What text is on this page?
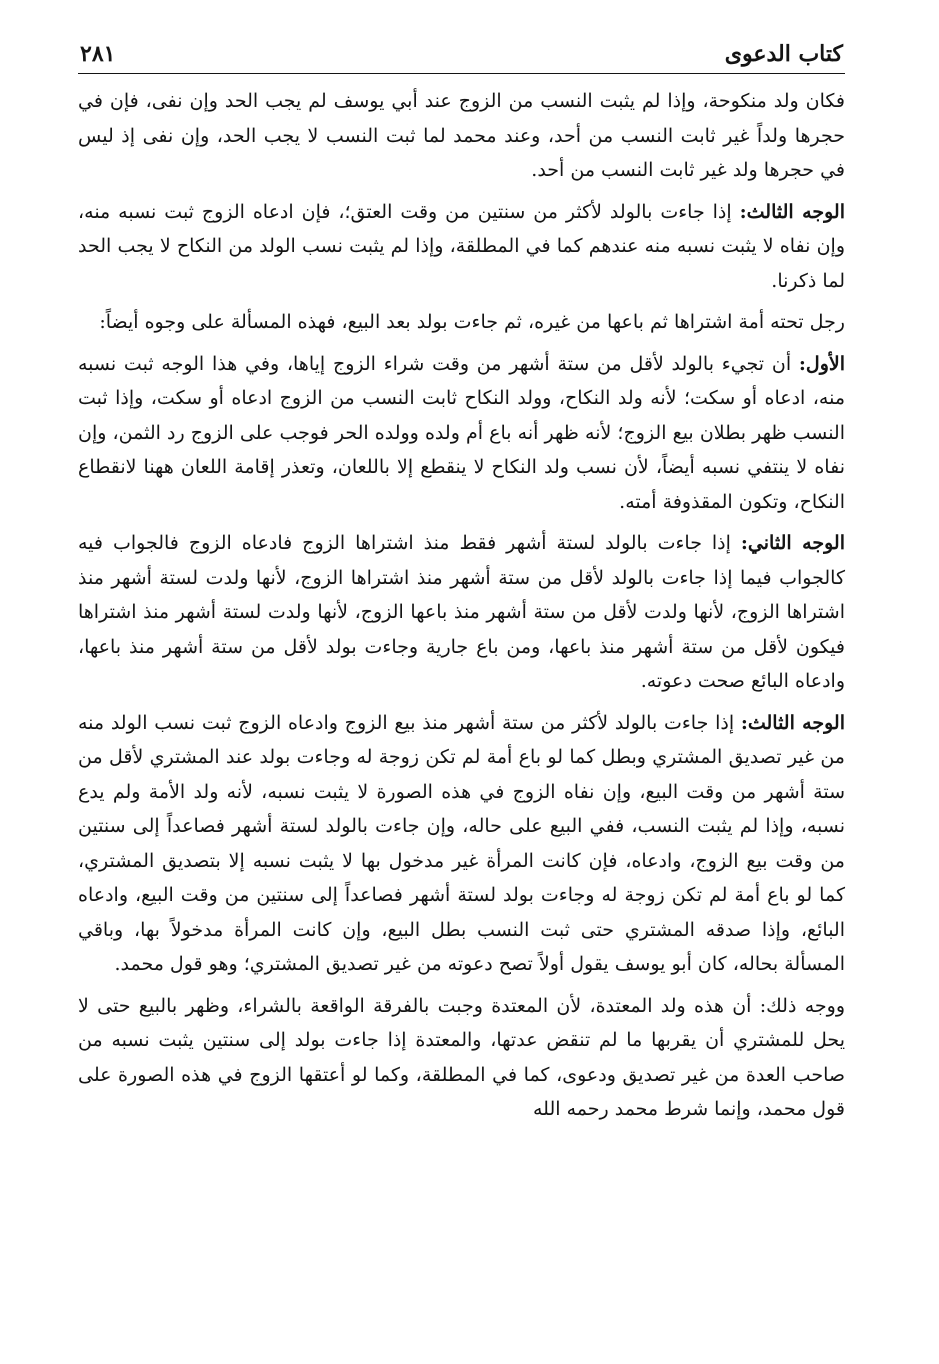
كتاب الدعوى
٢٨١

فكان ولد منكوحة، وإذا لم يثبت النسب من الزوج عند أبي يوسف لم يجب الحد وإن نفى، فإن في حجرها ولداً غير ثابت النسب من أحد، وعند محمد لما ثبت النسب لا يجب الحد، وإن نفى إذ ليس في حجرها ولد غير ثابت النسب من أحد.

الوجه الثالث: إذا جاءت بالولد لأكثر من سنتين من وقت العتق؛، فإن ادعاه الزوج ثبت نسبه منه، وإن نفاه لا يثبت نسبه منه عندهم كما في المطلقة، وإذا لم يثبت نسب الولد من النكاح لا يجب الحد لما ذكرنا.

رجل تحته أمة اشتراها ثم باعها من غيره، ثم جاءت بولد بعد البيع، فهذه المسألة على وجوه أيضاً:

الأول: أن تجيء بالولد لأقل من ستة أشهر من وقت شراء الزوج إياها، وفي هذا الوجه ثبت نسبه منه، ادعاه أو سكت؛ لأنه ولد النكاح، وولد النكاح ثابت النسب من الزوج ادعاه أو سكت، وإذا ثبت النسب ظهر بطلان بيع الزوج؛ لأنه ظهر أنه باع أم ولده وولده الحر فوجب على الزوج رد الثمن، وإن نفاه لا ينتفي نسبه أيضاً، لأن نسب ولد النكاح لا ينقطع إلا باللعان، وتعذر إقامة اللعان ههنا لانقطاع النكاح، وتكون المقذوفة أمته.

الوجه الثاني: إذا جاءت بالولد لستة أشهر فقط منذ اشتراها الزوج فادعاه الزوج فالجواب فيه كالجواب فيما إذا جاءت بالولد لأقل من ستة أشهر منذ اشتراها الزوج، لأنها ولدت لستة أشهر منذ اشتراها الزوج، لأنها ولدت لأقل من ستة أشهر منذ باعها الزوج، لأنها ولدت لستة أشهر منذ اشتراها فيكون لأقل من ستة أشهر منذ باعها، ومن باع جارية وجاءت بولد لأقل من ستة أشهر منذ باعها، وادعاه البائع صحت دعوته.

الوجه الثالث: إذا جاءت بالولد لأكثر من ستة أشهر منذ بيع الزوج وادعاه الزوج ثبت نسب الولد منه من غير تصديق المشتري وبطل كما لو باع أمة لم تكن زوجة له وجاءت بولد عند المشتري لأقل من ستة أشهر من وقت البيع، وإن نفاه الزوج في هذه الصورة لا يثبت نسبه، لأنه ولد الأمة ولم يدع نسبه، وإذا لم يثبت النسب، ففي البيع على حاله، وإن جاءت بالولد لستة أشهر فصاعداً إلى سنتين من وقت بيع الزوج، وادعاه، فإن كانت المرأة غير مدخول بها لا يثبت نسبه إلا بتصديق المشتري، كما لو باع أمة لم تكن زوجة له وجاءت بولد لستة أشهر فصاعداً إلى سنتين من وقت البيع، وادعاه البائع، وإذا صدقه المشتري حتى ثبت النسب بطل البيع، وإن كانت المرأة مدخولاً بها، وباقي المسألة بحاله، كان أبو يوسف يقول أولاً تصح دعوته من غير تصديق المشتري؛ وهو قول محمد.

ووجه ذلك: أن هذه ولد المعتدة، لأن المعتدة وجبت بالفرقة الواقعة بالشراء، وظهر بالبيع حتى لا يحل للمشتري أن يقربها ما لم تنقض عدتها، والمعتدة إذا جاءت بولد إلى سنتين يثبت نسبه من صاحب العدة من غير تصديق ودعوى، كما في المطلقة، وكما لو أعتقها الزوج في هذه الصورة على قول محمد، وإنما شرط محمد رحمه الله
